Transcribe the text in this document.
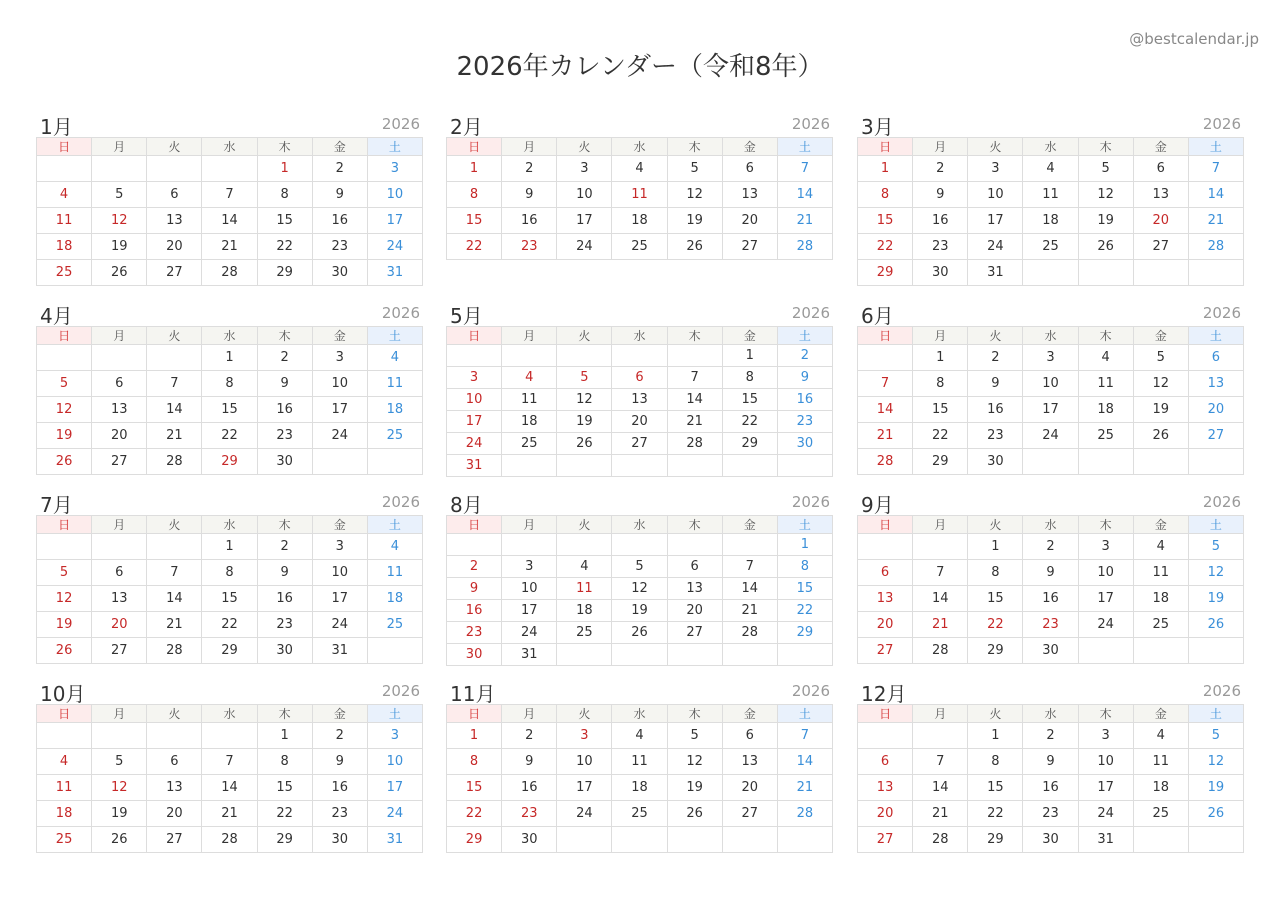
2026年カレンダー（令和8年）
@bestcalendar.jp
1月	2026
日	月	火	水	木	金	土
				1	2	3
4	5	6	7	8	9	10
11	12	13	14	15	16	17
18	19	20	21	22	23	24
25	26	27	28	29	30	31
2月	2026
日	月	火	水	木	金	土
1	2	3	4	5	6	7
8	9	10	11	12	13	14
15	16	17	18	19	20	21
22	23	24	25	26	27	28
3月	2026
日	月	火	水	木	金	土
1	2	3	4	5	6	7
8	9	10	11	12	13	14
15	16	17	18	19	20	21
22	23	24	25	26	27	28
29	30	31				
4月	2026
日	月	火	水	木	金	土
			1	2	3	4
5	6	7	8	9	10	11
12	13	14	15	16	17	18
19	20	21	22	23	24	25
26	27	28	29	30		
5月	2026
日	月	火	水	木	金	土
					1	2
3	4	5	6	7	8	9
10	11	12	13	14	15	16
17	18	19	20	21	22	23
24	25	26	27	28	29	30
31						
6月	2026
日	月	火	水	木	金	土
	1	2	3	4	5	6
7	8	9	10	11	12	13
14	15	16	17	18	19	20
21	22	23	24	25	26	27
28	29	30				
7月	2026
日	月	火	水	木	金	土
			1	2	3	4
5	6	7	8	9	10	11
12	13	14	15	16	17	18
19	20	21	22	23	24	25
26	27	28	29	30	31	
8月	2026
日	月	火	水	木	金	土
						1
2	3	4	5	6	7	8
9	10	11	12	13	14	15
16	17	18	19	20	21	22
23	24	25	26	27	28	29
30	31					
9月	2026
日	月	火	水	木	金	土
		1	2	3	4	5
6	7	8	9	10	11	12
13	14	15	16	17	18	19
20	21	22	23	24	25	26
27	28	29	30			
10月	2026
日	月	火	水	木	金	土
				1	2	3
4	5	6	7	8	9	10
11	12	13	14	15	16	17
18	19	20	21	22	23	24
25	26	27	28	29	30	31
11月	2026
日	月	火	水	木	金	土
1	2	3	4	5	6	7
8	9	10	11	12	13	14
15	16	17	18	19	20	21
22	23	24	25	26	27	28
29	30					
12月	2026
日	月	火	水	木	金	土
		1	2	3	4	5
6	7	8	9	10	11	12
13	14	15	16	17	18	19
20	21	22	23	24	25	26
27	28	29	30	31		
